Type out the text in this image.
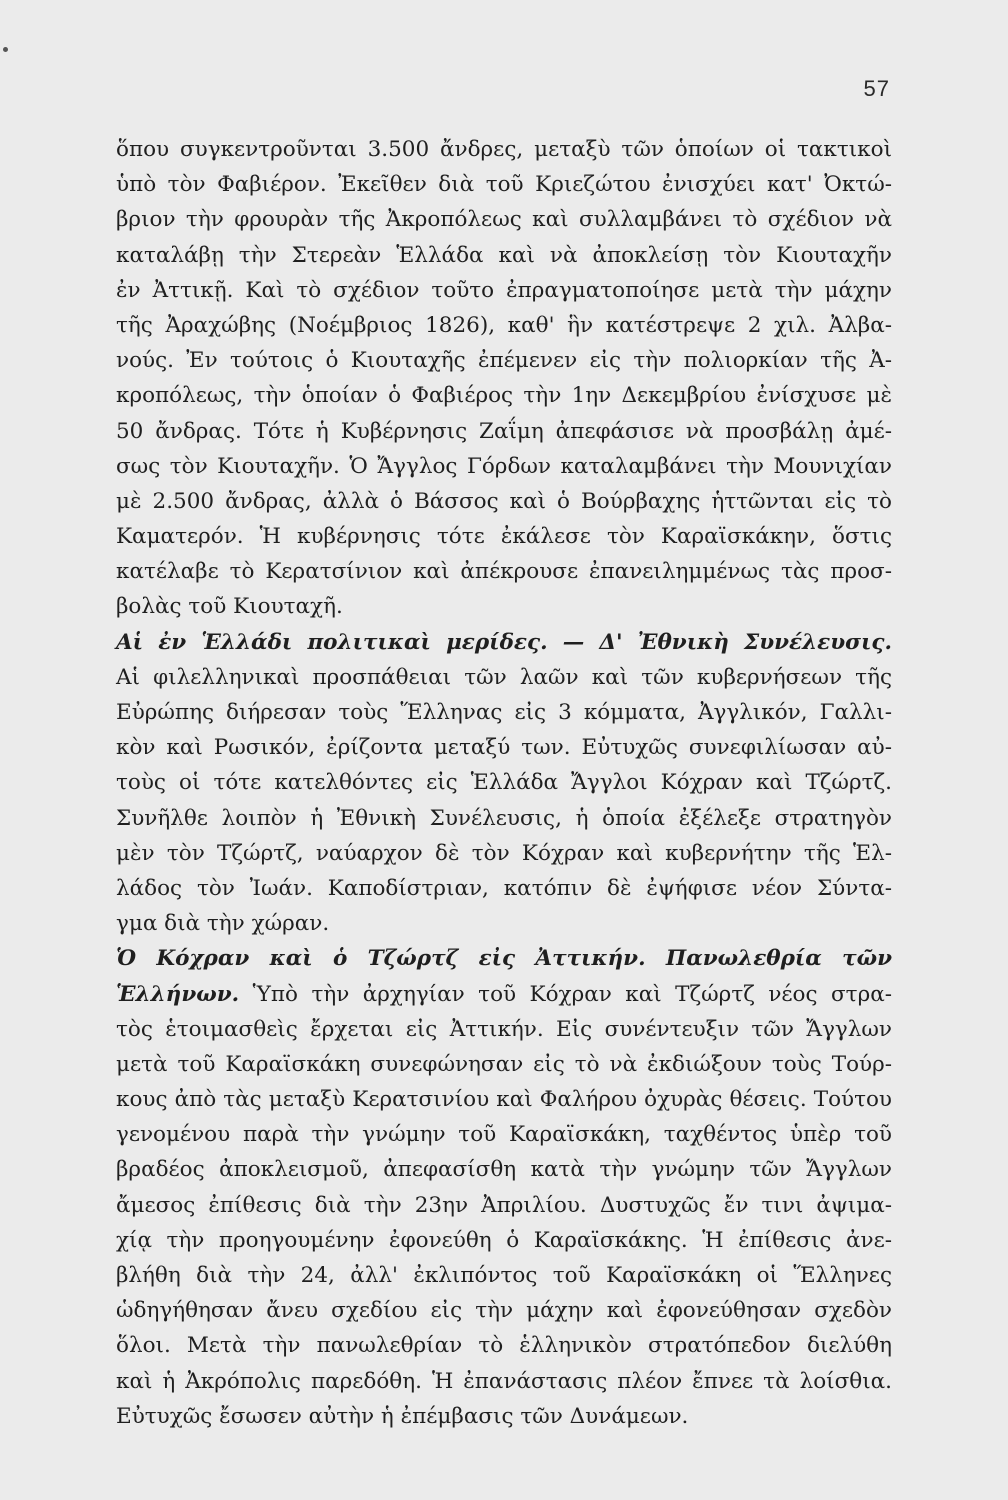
57
ὅπου συγκεντροῦνται 3.500 ἄνδρες, μεταξὺ τῶν ὁποίων οἱ τακτικοὶ
ὑπὸ τὸν Φαβιέρον. Ἐκεῖθεν διὰ τοῦ Κριεζώτου ἐνισχύει κατ' Ὀκτώ-
βριον τὴν φρουρὰν τῆς Ἀκροπόλεως καὶ συλλαμβάνει τὸ σχέδιον νὰ
καταλάβῃ τὴν Στερεὰν Ἑλλάδα καὶ νὰ ἀποκλείσῃ τὸν Κιουταχῆν
ἐν Ἀττικῇ. Καὶ τὸ σχέδιον τοῦτο ἐπραγματοποίησε μετὰ τὴν μάχην
τῆς Ἀραχώβης (Νοέμβριος 1826), καθ' ἣν κατέστρεψε 2 χιλ. Ἀλβα-
νούς. Ἐν τούτοις ὁ Κιουταχῆς ἐπέμενεν εἰς τὴν πολιορκίαν τῆς Ἀ-
κροπόλεως, τὴν ὁποίαν ὁ Φαβιέρος τὴν 1ην Δεκεμβρίου ἐνίσχυσε μὲ
50 ἄνδρας. Τότε ἡ Κυβέρνησις Ζαΐμη ἀπεφάσισε νὰ προσβάλῃ ἀμέ-
σως τὸν Κιουταχῆν. Ὁ Ἄγγλος Γόρδων καταλαμβάνει τὴν Μουνιχίαν
μὲ 2.500 ἄνδρας, ἀλλὰ ὁ Βάσσος καὶ ὁ Βούρβαχης ἡττῶνται εἰς τὸ
Καματερόν. Ἡ κυβέρνησις τότε ἐκάλεσε τὸν Καραϊσκάκην, ὅστις
κατέλαβε τὸ Κερατσίνιον καὶ ἀπέκρουσε ἐπανειλημμένως τὰς προσ-
βολὰς τοῦ Κιουταχῆ.
Αἱ ἐν Ἑλλάδι πολιτικαὶ μερίδες. — Δ' Ἐθνικὴ Συνέλευσις.
Αἱ φιλελληνικαὶ προσπάθειαι τῶν λαῶν καὶ τῶν κυβερνήσεων τῆς
Εὐρώπης διήρεσαν τοὺς Ἕλληνας εἰς 3 κόμματα, Ἀγγλικόν, Γαλλι-
κὸν καὶ Ρωσικόν, ἐρίζοντα μεταξύ των. Εὐτυχῶς συνεφιλίωσαν αὐ-
τοὺς οἱ τότε κατελθόντες εἰς Ἑλλάδα Ἄγγλοι Κόχραν καὶ Τζώρτζ.
Συνῆλθε λοιπὸν ἡ Ἐθνικὴ Συνέλευσις, ἡ ὁποία ἐξέλεξε στρατηγὸν
μὲν τὸν Τζώρτζ, ναύαρχον δὲ τὸν Κόχραν καὶ κυβερνήτην τῆς Ἑλ-
λάδος τὸν Ἰωάν. Καποδίστριαν, κατόπιν δὲ ἐψήφισε νέον Σύντα-
γμα διὰ τὴν χώραν.
Ὁ Κόχραν καὶ ὁ Τζώρτζ εἰς Ἀττικήν. Πανωλεθρία τῶν
Ἑλλήνων. Ὑπὸ τὴν ἀρχηγίαν τοῦ Κόχραν καὶ Τζώρτζ νέος στρα-
τὸς ἑτοιμασθεὶς ἔρχεται εἰς Ἀττικήν. Εἰς συνέντευξιν τῶν Ἄγγλων
μετὰ τοῦ Καραϊσκάκη συνεφώνησαν εἰς τὸ νὰ ἐκδιώξουν τοὺς Τούρ-
κους ἀπὸ τὰς μεταξὺ Κερατσινίου καὶ Φαλήρου ὀχυρὰς θέσεις. Τούτου
γενομένου παρὰ τὴν γνώμην τοῦ Καραϊσκάκη, ταχθέντος ὑπὲρ τοῦ
βραδέος ἀποκλεισμοῦ, ἀπεφασίσθη κατὰ τὴν γνώμην τῶν Ἄγγλων
ἄμεσος ἐπίθεσις διὰ τὴν 23ην Ἀπριλίου. Δυστυχῶς ἔν τινι ἀψιμα-
χίᾳ τὴν προηγουμένην ἐφονεύθη ὁ Καραϊσκάκης. Ἡ ἐπίθεσις ἀνε-
βλήθη διὰ τὴν 24, ἀλλ' ἐκλιπόντος τοῦ Καραϊσκάκη οἱ Ἕλληνες
ὡδηγήθησαν ἄνευ σχεδίου εἰς τὴν μάχην καὶ ἐφονεύθησαν σχεδὸν
ὅλοι. Μετὰ τὴν πανωλεθρίαν τὸ ἑλληνικὸν στρατόπεδον διελύθη
καὶ ἡ Ἀκρόπολις παρεδόθη. Ἡ ἐπανάστασις πλέον ἔπνεε τὰ λοίσθια.
Εὐτυχῶς ἔσωσεν αὐτὴν ἡ ἐπέμβασις τῶν Δυνάμεων.
